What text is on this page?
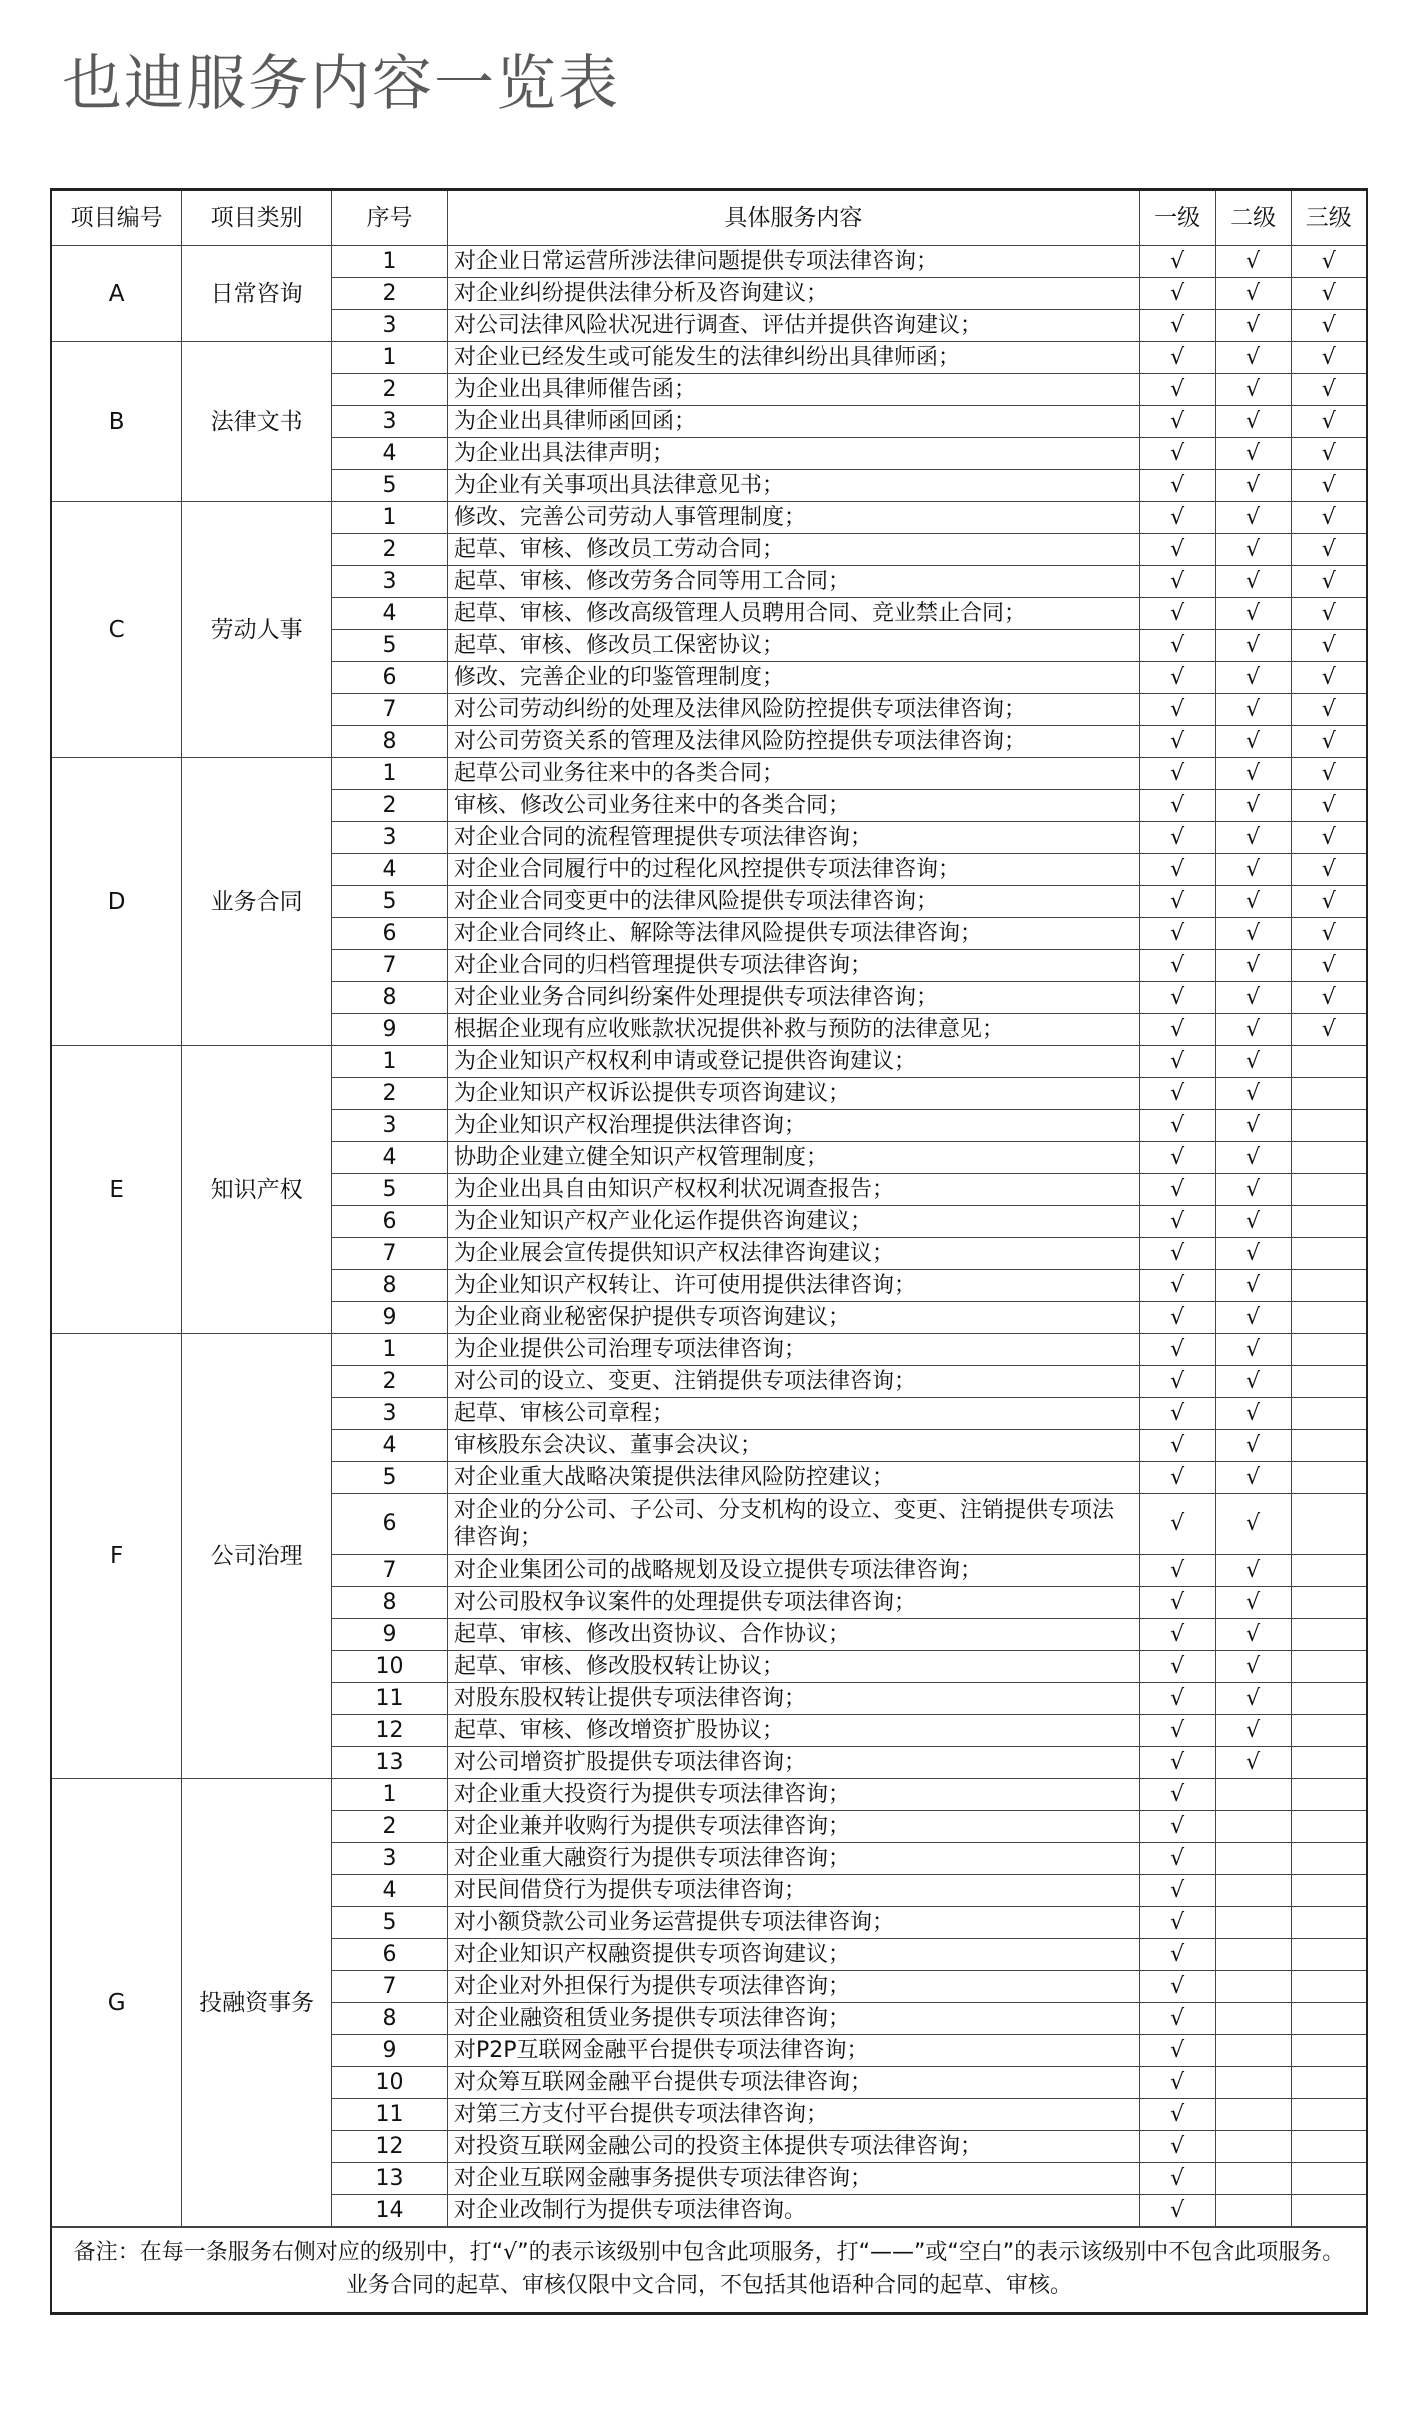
也迪服务内容一览表
项目编号	项目类别	序号	具体服务内容	一级	二级	三级
A	日常咨询	1	对企业日常运营所涉法律问题提供专项法律咨询；	√	√	√
		2	对企业纠纷提供法律分析及咨询建议；	√	√	√
		3	对公司法律风险状况进行调查、评估并提供咨询建议；	√	√	√
B	法律文书	1	对企业已经发生或可能发生的法律纠纷出具律师函；	√	√	√
		2	为企业出具律师催告函；	√	√	√
		3	为企业出具律师函回函；	√	√	√
		4	为企业出具法律声明；	√	√	√
		5	为企业有关事项出具法律意见书；	√	√	√
C	劳动人事	1	修改、完善公司劳动人事管理制度；	√	√	√
		2	起草、审核、修改员工劳动合同；	√	√	√
		3	起草、审核、修改劳务合同等用工合同；	√	√	√
		4	起草、审核、修改高级管理人员聘用合同、竞业禁止合同；	√	√	√
		5	起草、审核、修改员工保密协议；	√	√	√
		6	修改、完善企业的印鉴管理制度；	√	√	√
		7	对公司劳动纠纷的处理及法律风险防控提供专项法律咨询；	√	√	√
		8	对公司劳资关系的管理及法律风险防控提供专项法律咨询；	√	√	√
D	业务合同	1	起草公司业务往来中的各类合同；	√	√	√
		2	审核、修改公司业务往来中的各类合同；	√	√	√
		3	对企业合同的流程管理提供专项法律咨询；	√	√	√
		4	对企业合同履行中的过程化风控提供专项法律咨询；	√	√	√
		5	对企业合同变更中的法律风险提供专项法律咨询；	√	√	√
		6	对企业合同终止、解除等法律风险提供专项法律咨询；	√	√	√
		7	对企业合同的归档管理提供专项法律咨询；	√	√	√
		8	对企业业务合同纠纷案件处理提供专项法律咨询；	√	√	√
		9	根据企业现有应收账款状况提供补救与预防的法律意见；	√	√	√
E	知识产权	1	为企业知识产权权利申请或登记提供咨询建议；	√	√	
		2	为企业知识产权诉讼提供专项咨询建议；	√	√	
		3	为企业知识产权治理提供法律咨询；	√	√	
		4	协助企业建立健全知识产权管理制度；	√	√	
		5	为企业出具自由知识产权权利状况调查报告；	√	√	
		6	为企业知识产权产业化运作提供咨询建议；	√	√	
		7	为企业展会宣传提供知识产权法律咨询建议；	√	√	
		8	为企业知识产权转让、许可使用提供法律咨询；	√	√	
		9	为企业商业秘密保护提供专项咨询建议；	√	√	
F	公司治理	1	为企业提供公司治理专项法律咨询；	√	√	
		2	对公司的设立、变更、注销提供专项法律咨询；	√	√	
		3	起草、审核公司章程；	√	√	
		4	审核股东会决议、董事会决议；	√	√	
		5	对企业重大战略决策提供法律风险防控建议；	√	√	
		6	对企业的分公司、子公司、分支机构的设立、变更、注销提供专项法律咨询；	√	√	
		7	对企业集团公司的战略规划及设立提供专项法律咨询；	√	√	
		8	对公司股权争议案件的处理提供专项法律咨询；	√	√	
		9	起草、审核、修改出资协议、合作协议；	√	√	
		10	起草、审核、修改股权转让协议；	√	√	
		11	对股东股权转让提供专项法律咨询；	√	√	
		12	起草、审核、修改增资扩股协议；	√	√	
		13	对公司增资扩股提供专项法律咨询；	√	√	
G	投融资事务	1	对企业重大投资行为提供专项法律咨询；	√		
		2	对企业兼并收购行为提供专项法律咨询；	√		
		3	对企业重大融资行为提供专项法律咨询；	√		
		4	对民间借贷行为提供专项法律咨询；	√		
		5	对小额贷款公司业务运营提供专项法律咨询；	√		
		6	对企业知识产权融资提供专项咨询建议；	√		
		7	对企业对外担保行为提供专项法律咨询；	√		
		8	对企业融资租赁业务提供专项法律咨询；	√		
		9	对P2P互联网金融平台提供专项法律咨询；	√		
		10	对众筹互联网金融平台提供专项法律咨询；	√		
		11	对第三方支付平台提供专项法律咨询；	√		
		12	对投资互联网金融公司的投资主体提供专项法律咨询；	√		
		13	对企业互联网金融事务提供专项法律咨询；	√		
		14	对企业改制行为提供专项法律咨询。	√		
备注：在每一条服务右侧对应的级别中，打“√”的表示该级别中包含此项服务，打“——”或“空白”的表示该级别中不包含此项服务。业务合同的起草、审核仅限中文合同，不包括其他语种合同的起草、审核。
